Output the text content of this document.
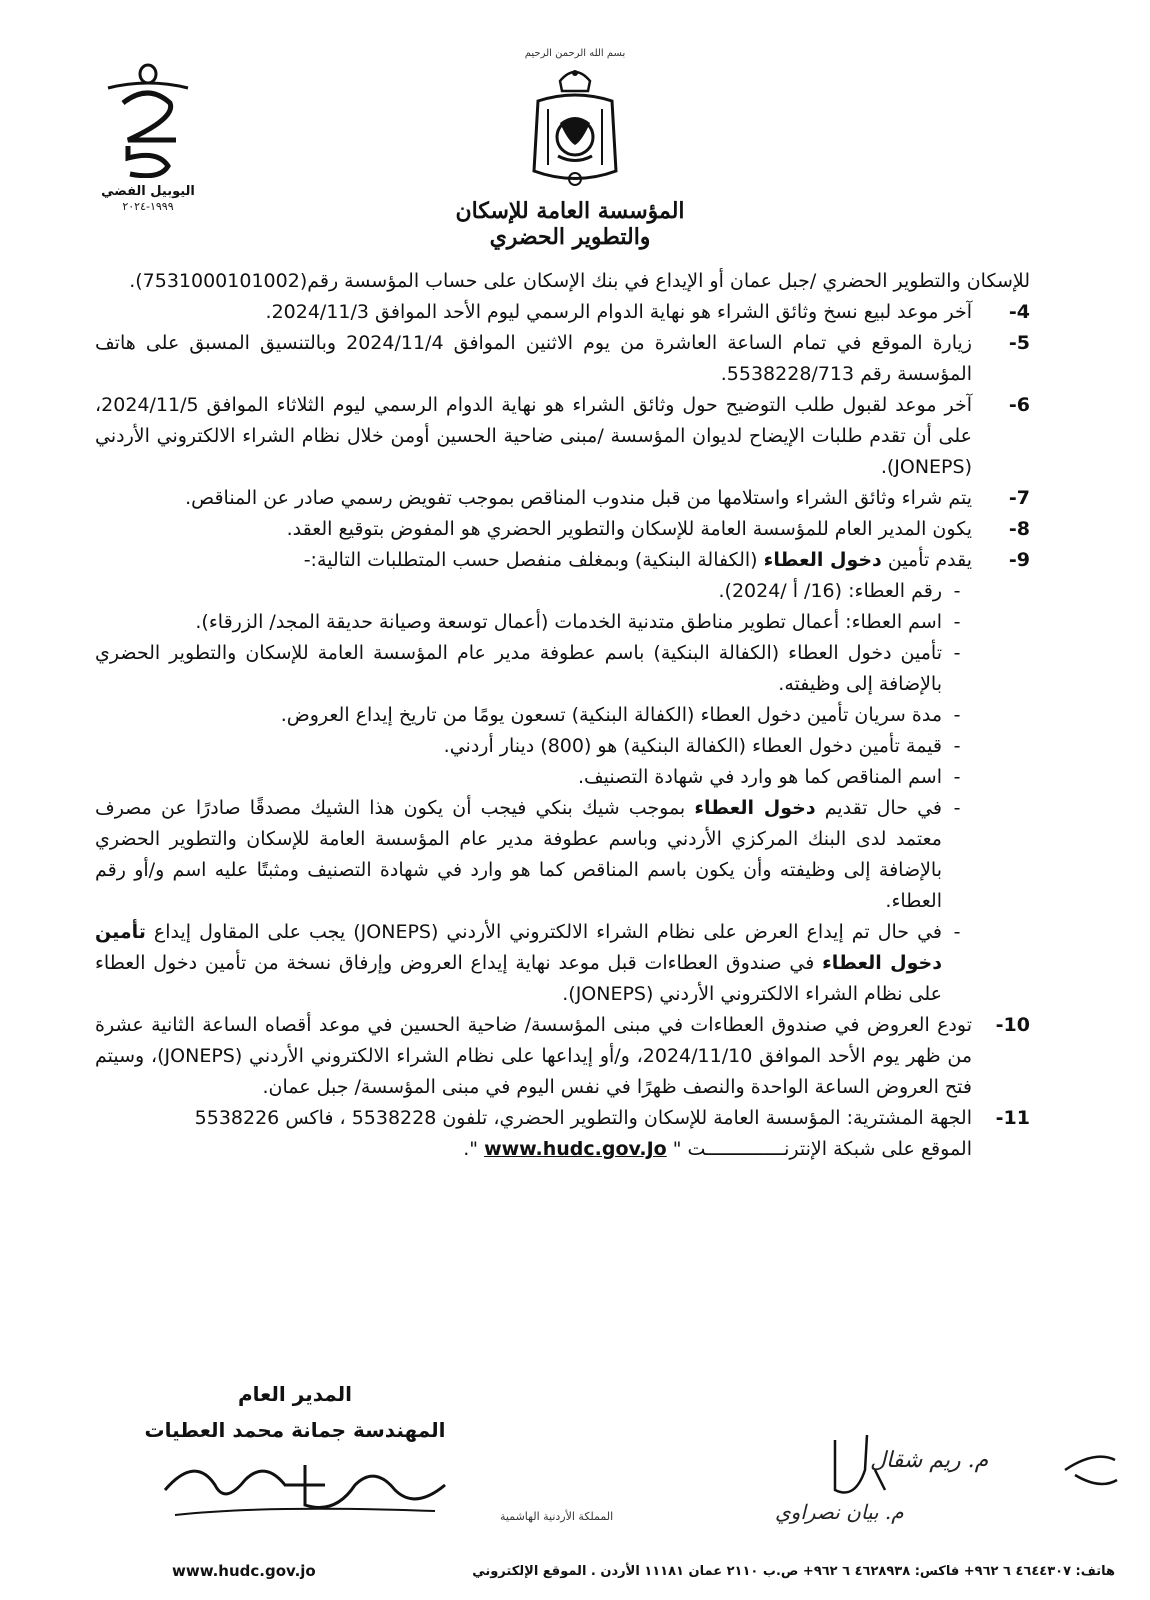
اليوبيل الفضي
١٩٩٩-٢٠٢٤
بسم الله الرحمن الرحيم
المؤسسة العامة للإسكان والتطوير الحضري
للإسكان والتطوير الحضري /جبل عمان أو الإيداع في بنك الإسكان على حساب المؤسسة رقم(7531000101002).
-4
آخر موعد لبيع نسخ وثائق الشراء هو نهاية الدوام الرسمي ليوم الأحد الموافق 2024/11/3.
-5
زيارة الموقع في تمام الساعة العاشرة من يوم الاثنين الموافق 2024/11/4 وبالتنسيق المسبق على هاتف المؤسسة رقم 5538228/713.
-6
آخر موعد لقبول طلب التوضيح حول وثائق الشراء هو نهاية الدوام الرسمي ليوم الثلاثاء الموافق 2024/11/5، على أن تقدم طلبات الإيضاح لديوان المؤسسة /مبنى ضاحية الحسين أومن خلال نظام الشراء الالكتروني الأردني (JONEPS).
-7
يتم شراء وثائق الشراء واستلامها من قبل مندوب المناقص بموجب تفويض رسمي صادر عن المناقص.
-8
يكون المدير العام للمؤسسة العامة للإسكان والتطوير الحضري هو المفوض بتوقيع العقد.
-9
يقدم تأمين دخول العطاء (الكفالة البنكية) وبمغلف منفصل حسب المتطلبات التالية:-
-
رقم العطاء: (16/ أ /2024).
-
اسم العطاء: أعمال تطوير مناطق متدنية الخدمات (أعمال توسعة وصيانة حديقة المجد/ الزرقاء).
-
تأمين دخول العطاء (الكفالة البنكية) باسم عطوفة مدير عام المؤسسة العامة للإسكان والتطوير الحضري بالإضافة إلى وظيفته.
-
مدة سريان تأمين دخول العطاء (الكفالة البنكية) تسعون يومًا من تاريخ إيداع العروض.
-
قيمة تأمين دخول العطاء (الكفالة البنكية) هو (800) دينار أردني.
-
اسم المناقص كما هو وارد في شهادة التصنيف.
-
في حال تقديم دخول العطاء بموجب شيك بنكي فيجب أن يكون هذا الشيك مصدقًا صادرًا عن مصرف معتمد لدى البنك المركزي الأردني وباسم عطوفة مدير عام المؤسسة العامة للإسكان والتطوير الحضري بالإضافة إلى وظيفته وأن يكون باسم المناقص كما هو وارد في شهادة التصنيف ومثبتًا عليه اسم و/أو رقم العطاء.
-
في حال تم إيداع العرض على نظام الشراء الالكتروني الأردني (JONEPS) يجب على المقاول إيداع تأمين دخول العطاء في صندوق العطاءات قبل موعد نهاية إيداع العروض وإرفاق نسخة من تأمين دخول العطاء على نظام الشراء الالكتروني الأردني (JONEPS).
-10
تودع العروض في صندوق العطاءات في مبنى المؤسسة/ ضاحية الحسين في موعد أقصاه الساعة الثانية عشرة من ظهر يوم الأحد الموافق 2024/11/10، و/أو إيداعها على نظام الشراء الالكتروني الأردني (JONEPS)، وسيتم فتح العروض الساعة الواحدة والنصف ظهرًا في نفس اليوم في مبنى المؤسسة/ جبل عمان.
-11
الجهة المشترية: المؤسسة العامة للإسكان والتطوير الحضري، تلفون 5538228 ، فاكس 5538226
الموقع على شبكة الإنترنــــــــــــــت " www.hudc.gov.Jo ".
المدير العام
المهندسة جمانة محمد العطيات
م. ريم شقال
م. بيان نصراوي
المملكة الأردنية الهاشمية
هاتف: ٤٦٤٤٣٠٧ ٦ ٩٦٢+ فاكس: ٤٦٢٨٩٣٨ ٦ ٩٦٢+ ص.ب ٢١١٠ عمان ١١١٨١ الأردن . الموقع الإلكتروني
www.hudc.gov.jo
